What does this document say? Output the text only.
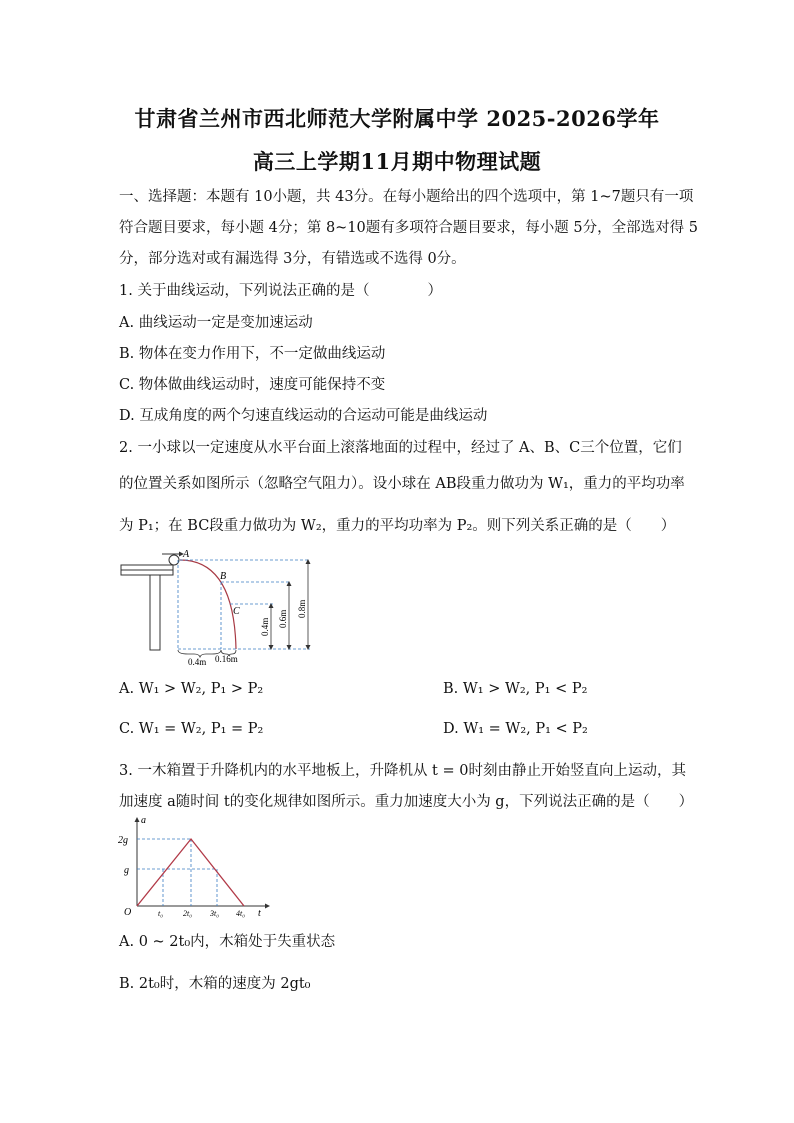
甘肃省兰州市西北师范大学附属中学 2025-2026学年
高三上学期11月期中物理试题
一、选择题：本题有 10小题，共 43分。在每小题给出的四个选项中，第 1~7题只有一项
符合题目要求，每小题 4分；第 8~10题有多项符合题目要求，每小题 5分，全部选对得 5
分，部分选对或有漏选得 3分，有错选或不选得 0分。
1. 关于曲线运动，下列说法正确的是（　　　　）
A. 曲线运动一定是变加速运动
B. 物体在变力作用下，不一定做曲线运动
C. 物体做曲线运动时，速度可能保持不变
D. 互成角度的两个匀速直线运动的合运动可能是曲线运动
2. 一小球以一定速度从水平台面上滚落地面的过程中，经过了 A、B、C三个位置，它们
的位置关系如图所示（忽略空气阻力）。设小球在 AB段重力做功为 W₁，重力的平均功率
为 P₁；在 BC段重力做功为 W₂，重力的平均功率为 P₂。则下列关系正确的是（　　）
A
B
C
0.4m 0.6m
0.8m
0.4m 0.16m
A. W₁ > W₂, P₁ > P₂	B. W₁ > W₂, P₁ < P₂
C. W₁ = W₂, P₁ = P₂	D. W₁ = W₂, P₁ < P₂
3. 一木箱置于升降机内的水平地板上，升降机从 t = 0时刻由静止开始竖直向上运动，其
加速度 a随时间 t的变化规律如图所示。重力加速度大小为 g，下列说法正确的是（　　）
a
t
O
2g
g
t₀ 2t₀ 3t₀ 4t₀
A. 0 ~ 2t₀内，木箱处于失重状态
B. 2t₀时，木箱的速度为 2gt₀
